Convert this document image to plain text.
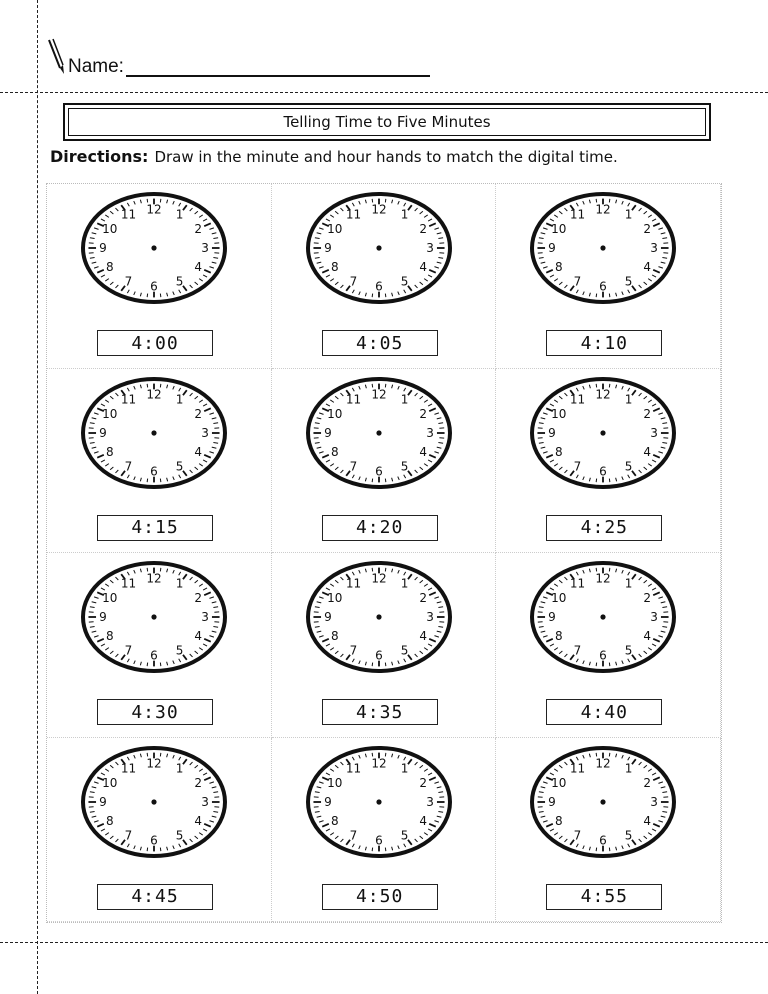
Name:
Telling Time to Five Minutes
Directions: Draw in the minute and hour hands to match the digital time.
12 1
2
3
4
5
6
7
8
9
10
11
4:00
12 1
2
3
4
5
6
7
8
9
10
11
4:05
12 1
2
3
4
5
6
7
8
9
10
11
4:10
12 1
2
3
4
5
6
7
8
9
10
11
4:15
12 1
2
3
4
5
6
7
8
9
10
11
4:20
12 1
2
3
4
5
6
7
8
9
10
11
4:25
12 1
2
3
4
5
6
7
8
9
10
11
4:30
12 1
2
3
4
5
6
7
8
9
10
11
4:35
12 1
2
3
4
5
6
7
8
9
10
11
4:40
12 1
2
3
4
5
6
7
8
9
10
11
4:45
12 1
2
3
4
5
6
7
8
9
10
11
4:50
12 1
2
3
4
5
6
7
8
9
10
11
4:55
